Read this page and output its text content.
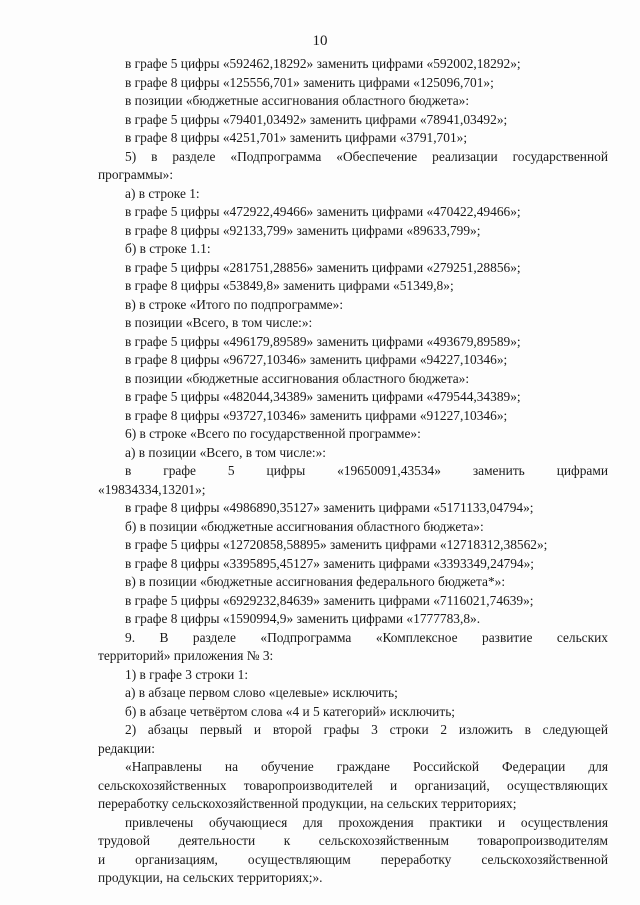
10
в графе 5 цифры «592462,18292» заменить цифрами «592002,18292»;
в графе 8 цифры «125556,701» заменить цифрами «125096,701»;
в позиции «бюджетные ассигнования областного бюджета»:
в графе 5 цифры «79401,03492» заменить цифрами «78941,03492»;
в графе 8 цифры «4251,701» заменить цифрами «3791,701»;
5) в разделе «Подпрограмма «Обеспечение реализации государственной
программы»:
а) в строке 1:
в графе 5 цифры «472922,49466» заменить цифрами «470422,49466»;
в графе 8 цифры «92133,799» заменить цифрами «89633,799»;
б) в строке 1.1:
в графе 5 цифры «281751,28856» заменить цифрами «279251,28856»;
в графе 8 цифры «53849,8» заменить цифрами «51349,8»;
в) в строке «Итого по подпрограмме»:
в позиции «Всего, в том числе:»:
в графе 5 цифры «496179,89589» заменить цифрами «493679,89589»;
в графе 8 цифры «96727,10346» заменить цифрами «94227,10346»;
в позиции «бюджетные ассигнования областного бюджета»:
в графе 5 цифры «482044,34389» заменить цифрами «479544,34389»;
в графе 8 цифры «93727,10346» заменить цифрами «91227,10346»;
6) в строке «Всего по государственной программе»:
а) в позиции «Всего, в том числе:»:
в графе 5 цифры «19650091,43534» заменить цифрами
«19834334,13201»;
в графе 8 цифры «4986890,35127» заменить цифрами «5171133,04794»;
б) в позиции «бюджетные ассигнования областного бюджета»:
в графе 5 цифры «12720858,58895» заменить цифрами «12718312,38562»;
в графе 8 цифры «3395895,45127» заменить цифрами «3393349,24794»;
в) в позиции «бюджетные ассигнования федерального бюджета*»:
в графе 5 цифры «6929232,84639» заменить цифрами «7116021,74639»;
в графе 8 цифры «1590994,9» заменить цифрами «1777783,8».
9. В разделе «Подпрограмма «Комплексное развитие сельских
территорий» приложения № 3:
1) в графе 3 строки 1:
а) в абзаце первом слово «целевые» исключить;
б) в абзаце четвёртом слова «4 и 5 категорий» исключить;
2) абзацы первый и второй графы 3 строки 2 изложить в следующей
редакции:
«Направлены на обучение граждане Российской Федерации для
сельскохозяйственных товаропроизводителей и организаций, осуществляющих
переработку сельскохозяйственной продукции, на сельских территориях;
привлечены обучающиеся для прохождения практики и осуществления
трудовой деятельности к сельскохозяйственным товаропроизводителям
и организациям, осуществляющим переработку сельскохозяйственной
продукции, на сельских территориях;».
